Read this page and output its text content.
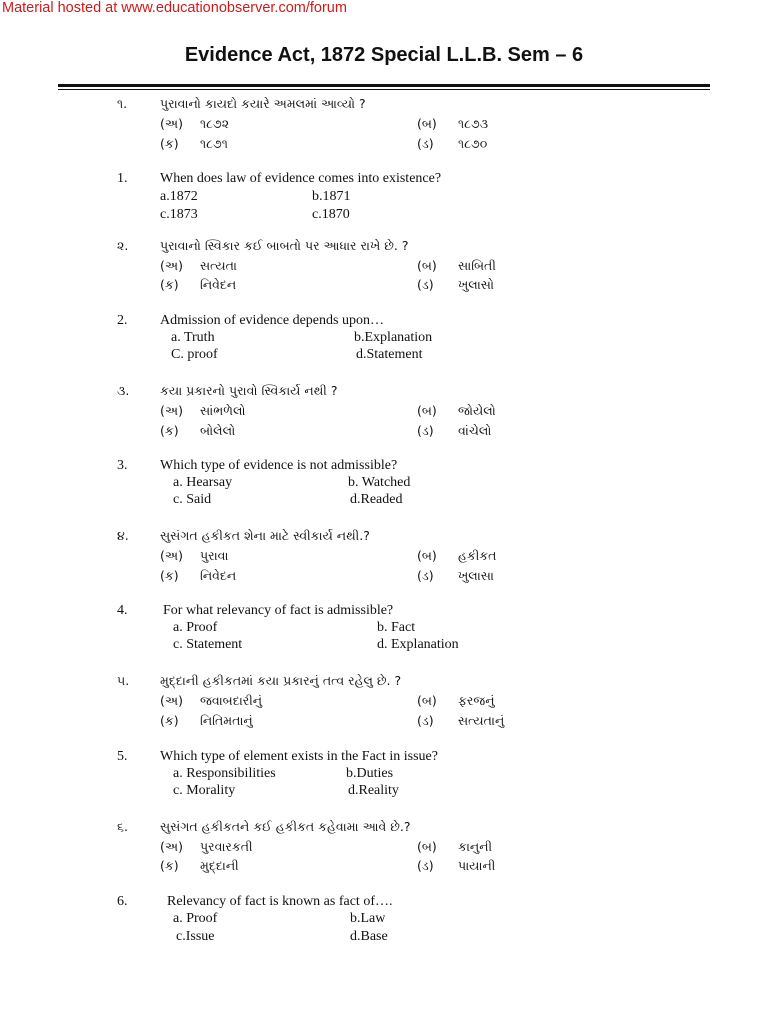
Material hosted at www.educationobserver.com/forum
Evidence Act, 1872 Special L.L.B. Sem – 6
૧.	પુરાવાનો કાયદો કયારે અમલમાં આવ્યો ?
(અ) ૧૮૭૨	(બ) ૧૮૭૩
(ક) ૧૮૭૧	(ડ) ૧૮૭૦
1. When does law of evidence comes into existence?
a.1872	b.1871
c.1873	c.1870
૨.	પુરાવાનો સ્વિકાર કઈ બાબતો પર આધાર રાખે છે. ?
(અ) સત્યતા	(બ) સાબિતી
(ક) નિવેદન	(ડ) ખુલાસો
2. Admission of evidence depends upon…
a. Truth	b.Explanation
C. proof	d.Statement
૩. કયા પ્રકારનો પુરાવો સ્વિકાર્ય નથી ?
(અ) સાંભળેલો	(બ) જોયેલો
(ક) બોલેલો	(ડ) વાંચેલો
3. Which type of evidence is not admissible?
a. Hearsay	b. Watched
c. Said	d.Readed
૪.	સુસંગત હકીકત શેના માટે સ્વીકાર્ય નથી.?
(અ) પુરાવા	(બ) હકીકત
(ક) નિવેદન	(ડ) ખુલાસા
4.	For what relevancy of fact is admissible?
a. Proof	b. Fact
c. Statement	d. Explanation
૫. મુદ્દાની હકીકતમાં કયા પ્રકારનું તત્વ રહેલુ છે. ?
(અ) જવાબદારીનું	(બ) ફરજનું
(ક) નિતિમતાનું	(ડ) સત્યતાનું
5. Which type of element exists in the Fact in issue?
a. Responsibilities	b.Duties
c. Morality	d.Reality
૬.	સુસંગત હકીકતને કઈ હકીકત કહેવામા આવે છે.?
(અ) પુરવારકતી	(બ) કાનુની
(ક) મુદ્દાની	(ડ) પાયાની
6.	Relevancy of fact is known as fact of….
a. Proof	b.Law
c.Issue	d.Base
